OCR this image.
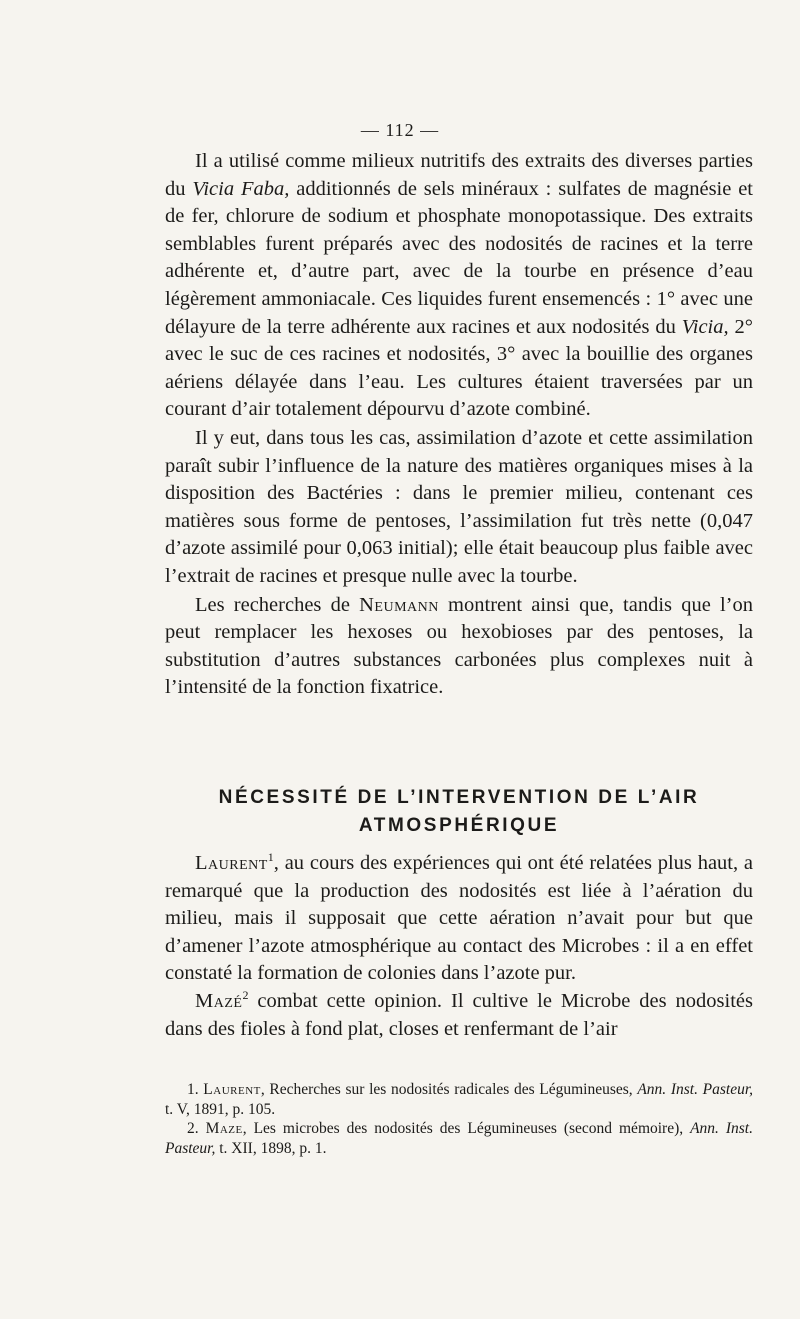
— 112 —

Il a utilisé comme milieux nutritifs des extraits des diverses parties du Vicia Faba, additionnés de sels minéraux : sulfates de magnésie et de fer, chlorure de sodium et phosphate monopotassique. Des extraits semblables furent préparés avec des nodosités de racines et la terre adhérente et, d’autre part, avec de la tourbe en présence d’eau légèrement ammoniacale. Ces liquides furent ensemencés : 1° avec une délayure de la terre adhérente aux racines et aux nodosités du Vicia, 2° avec le suc de ces racines et nodosités, 3° avec la bouillie des organes aériens délayée dans l’eau. Les cultures étaient traversées par un courant d’air totalement dépourvu d’azote combiné.

Il y eut, dans tous les cas, assimilation d’azote et cette assimilation paraît subir l’influence de la nature des matières organiques mises à la disposition des Bactéries : dans le premier milieu, contenant ces matières sous forme de pentoses, l’assimilation fut très nette (0,047 d’azote assimilé pour 0,063 initial); elle était beaucoup plus faible avec l’extrait de racines et presque nulle avec la tourbe.

Les recherches de Neumann montrent ainsi que, tandis que l’on peut remplacer les hexoses ou hexobioses par des pentoses, la substitution d’autres substances carbonées plus complexes nuit à l’intensité de la fonction fixatrice.

NÉCESSITÉ DE L’INTERVENTION DE L’AIR
ATMOSPHÉRIQUE

Laurent$^1$, au cours des expériences qui ont été relatées plus haut, a remarqué que la production des nodosités est liée à l’aération du milieu, mais il supposait que cette aération n’avait pour but que d’amener l’azote atmosphérique au contact des Microbes : il a en effet constaté la formation de colonies dans l’azote pur.

Mazé$^2$ combat cette opinion. Il cultive le Microbe des nodosités dans des fioles à fond plat, closes et renfermant de l’air

1. Laurent, Recherches sur les nodosités radicales des Légumineuses, Ann. Inst. Pasteur, t. V, 1891, p. 105.

2. Maze, Les microbes des nodosités des Légumineuses (second mémoire), Ann. Inst. Pasteur, t. XII, 1898, p. 1.
